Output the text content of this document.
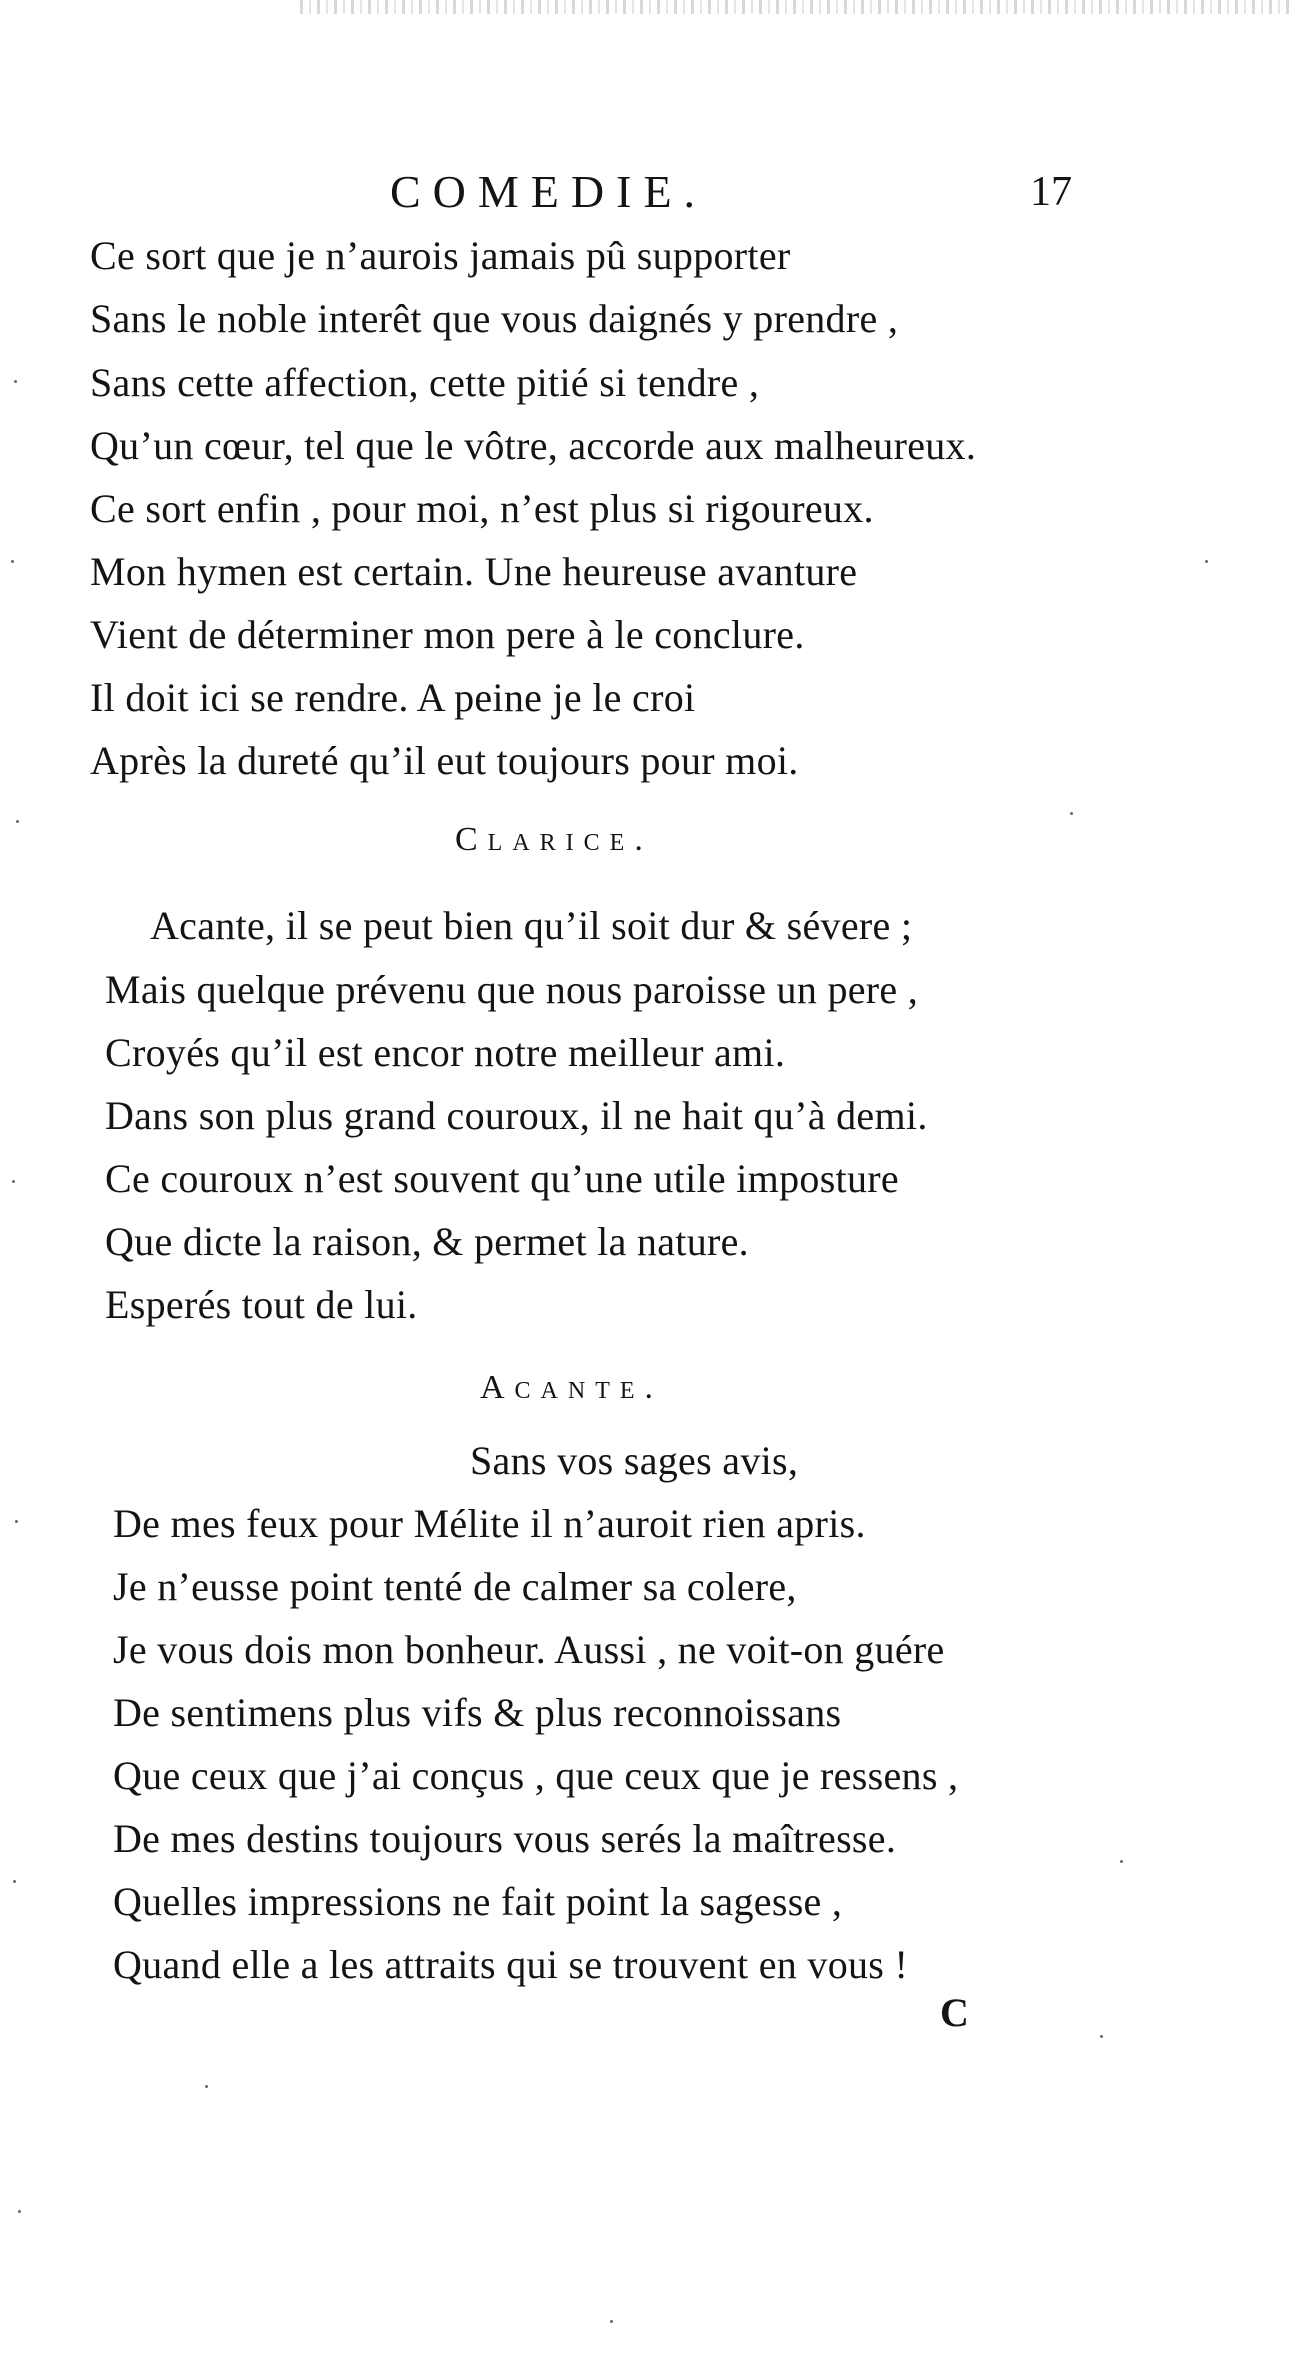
COMEDIE.	17
Ce sort que je n’aurois jamais pû supporter
Sans le noble interêt que vous daignés y prendre ,
Sans cette affection, cette pitié si tendre ,
Qu’un cœur, tel que le vôtre, accorde aux malheureux.
Ce sort enfin , pour moi, n’est plus si rigoureux.
Mon hymen est certain. Une heureuse avanture
Vient de déterminer mon pere à le conclure.
Il doit ici se rendre. A peine je le croi
Après la dureté qu’il eut toujours pour moi.
Clarice.
Acante, il se peut bien qu’il soit dur & sévere ;
Mais quelque prévenu que nous paroisse un pere ,
Croyés qu’il est encor notre meilleur ami.
Dans son plus grand couroux, il ne hait qu’à demi.
Ce couroux n’est souvent qu’une utile imposture
Que dicte la raison, & permet la nature.
Esperés tout de lui.
Acante.
Sans vos sages avis,
De mes feux pour Mélite il n’auroit rien apris.
Je n’eusse point tenté de calmer sa colere,
Je vous dois mon bonheur. Aussi , ne voit-on guére
De sentimens plus vifs & plus reconnoissans
Que ceux que j’ai conçus , que ceux que je ressens ,
De mes destins toujours vous serés la maîtresse.
Quelles impressions ne fait point la sagesse ,
Quand elle a les attraits qui se trouvent en vous !
C
